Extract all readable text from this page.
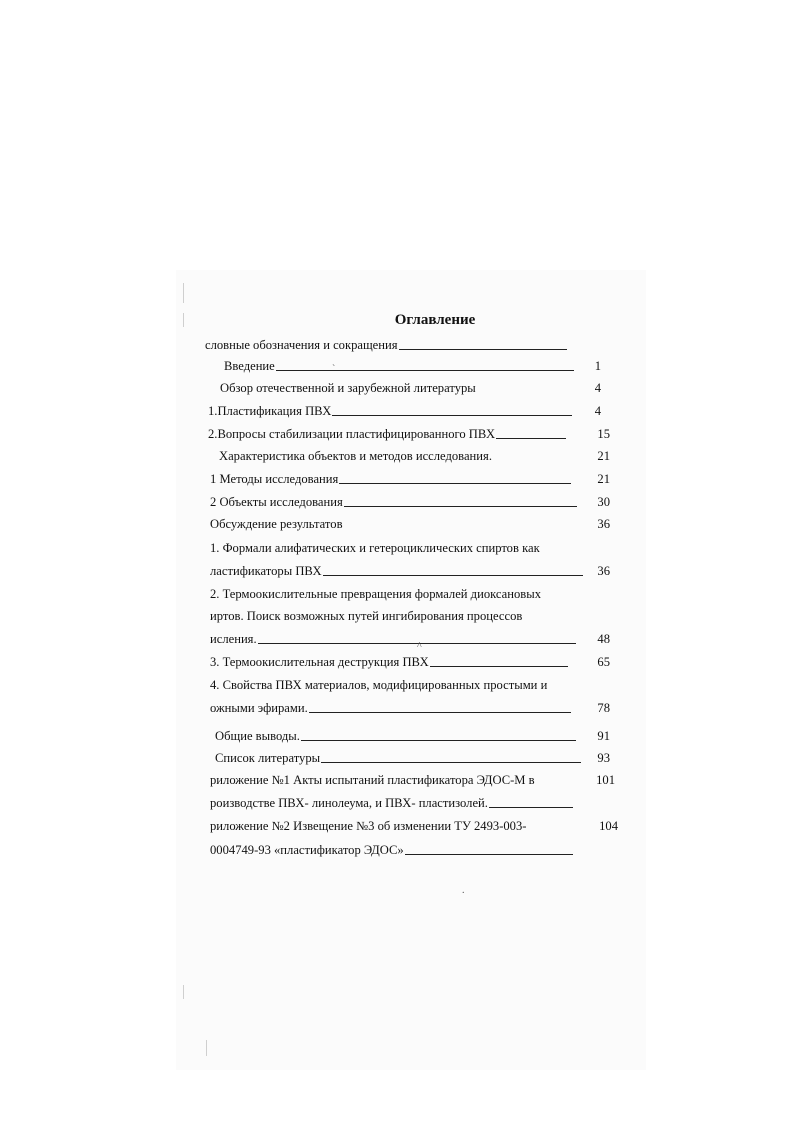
Оглавление
словные обозначения и сокращения
Введение	1
Обзор отечественной и зарубежной литературы	4
1.Пластификация ПВХ	4
2.Вопросы стабилизации пластифицированного ПВХ	15
Характеристика объектов и методов исследования.	21
1 Методы исследования	21
2 Объекты исследования	30
Обсуждение результатов	36
1. Формали алифатических и гетероциклических спиртов как
ластификаторы ПВХ	36
2. Термоокислительные превращения формалей диоксановых
иртов. Поиск возможных путей ингибирования процессов
исления.	48
3. Термоокислительная деструкция ПВХ	65
4. Свойства ПВХ материалов, модифицированных простыми и
ожными эфирами.	78
Общие выводы.	91
Список литературы	93
риложение №1 Акты испытаний пластификатора ЭДОС-М в	101
роизводстве ПВХ- линолеума, и ПВХ- пластизолей.
риложение №2 Извещение №3 об изменении ТУ 2493-003-	104
0004749-93 «пластификатор ЭДОС»
`
^
.
